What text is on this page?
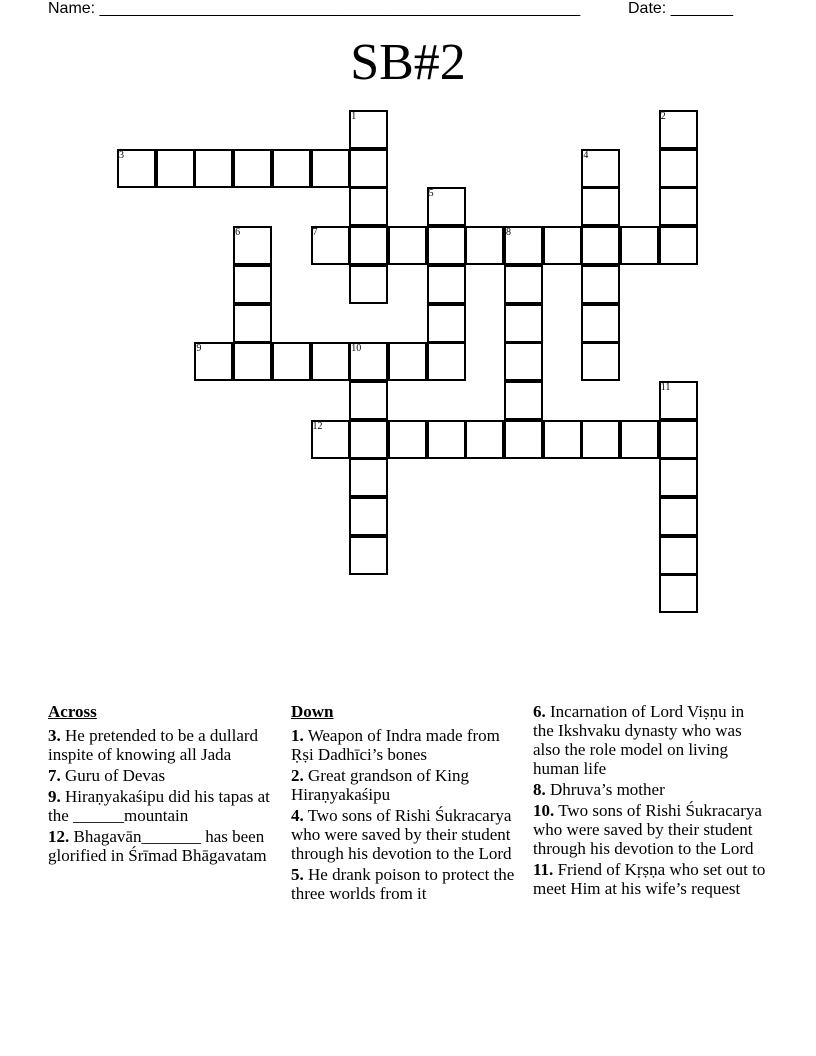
Name: ______________________________________________________	Date: _______
SB#2
1	2
3	4
5
6	7	8
9	10
11
12
Across
3. He pretended to be a dullard inspite of knowing all Jada
7. Guru of Devas
9. Hiraṇyakaśipu did his tapas at the ______mountain
12. Bhagavān_______ has been glorified in Śrīmad Bhāgavatam
Down
1. Weapon of Indra made from Ṛṣi Dadhīci’s bones
2. Great grandson of King Hiraṇyakaśipu
4. Two sons of Rishi Śukracarya who were saved by their student through his devotion to the Lord
5. He drank poison to protect the three worlds from it
6. Incarnation of Lord Viṣṇu in the Ikshvaku dynasty who was also the role model on living human life
8. Dhruva’s mother
10. Two sons of Rishi Śukracarya who were saved by their student through his devotion to the Lord
11. Friend of Kṛṣṇa who set out to meet Him at his wife’s request
